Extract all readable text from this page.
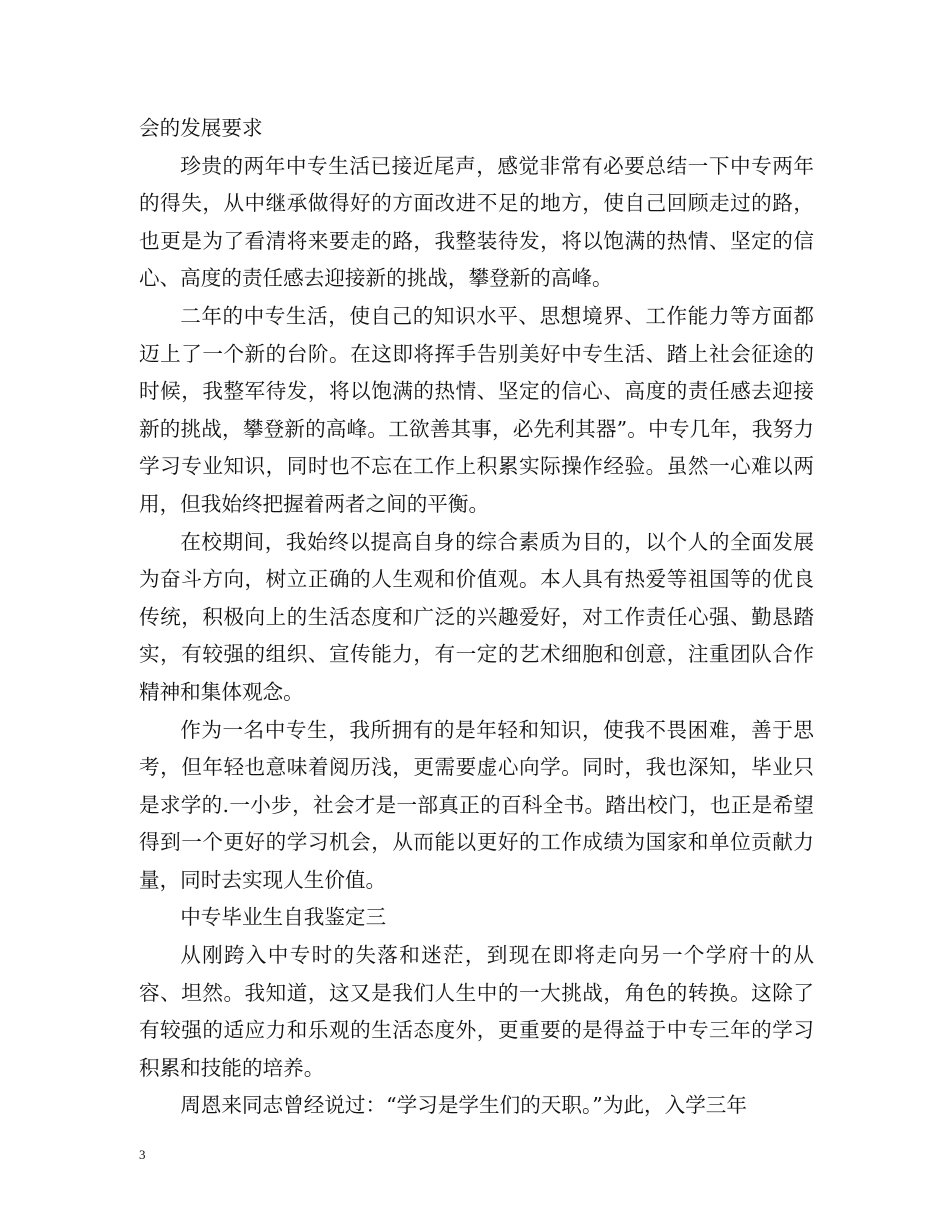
会的发展要求

珍贵的两年中专生活已接近尾声，感觉非常有必要总结一下中专两年的得失，从中继承做得好的方面改进不足的地方，使自己回顾走过的路，也更是为了看清将来要走的路，我整装待发，将以饱满的热情、坚定的信心、高度的责任感去迎接新的挑战，攀登新的高峰。

二年的中专生活，使自己的知识水平、思想境界、工作能力等方面都迈上了一个新的台阶。在这即将挥手告别美好中专生活、踏上社会征途的时候，我整军待发，将以饱满的热情、坚定的信心、高度的责任感去迎接新的挑战，攀登新的高峰。工欲善其事，必先利其器”。中专几年，我努力学习专业知识，同时也不忘在工作上积累实际操作经验。虽然一心难以两用，但我始终把握着两者之间的平衡。

在校期间，我始终以提高自身的综合素质为目的，以个人的全面发展为奋斗方向，树立正确的人生观和价值观。本人具有热爱等祖国等的优良传统，积极向上的生活态度和广泛的兴趣爱好，对工作责任心强、勤恳踏实，有较强的组织、宣传能力，有一定的艺术细胞和创意，注重团队合作精神和集体观念。

作为一名中专生，我所拥有的是年轻和知识，使我不畏困难，善于思考，但年轻也意味着阅历浅，更需要虚心向学。同时，我也深知，毕业只是求学的.一小步，社会才是一部真正的百科全书。踏出校门，也正是希望得到一个更好的学习机会，从而能以更好的工作成绩为国家和单位贡献力量，同时去实现人生价值。

中专毕业生自我鉴定三

从刚跨入中专时的失落和迷茫，到现在即将走向另一个学府十的从容、坦然。我知道，这又是我们人生中的一大挑战，角色的转换。这除了有较强的适应力和乐观的生活态度外，更重要的是得益于中专三年的学习积累和技能的培养。

周恩来同志曾经说过：“学习是学生们的天职。”为此，入学三年

3
